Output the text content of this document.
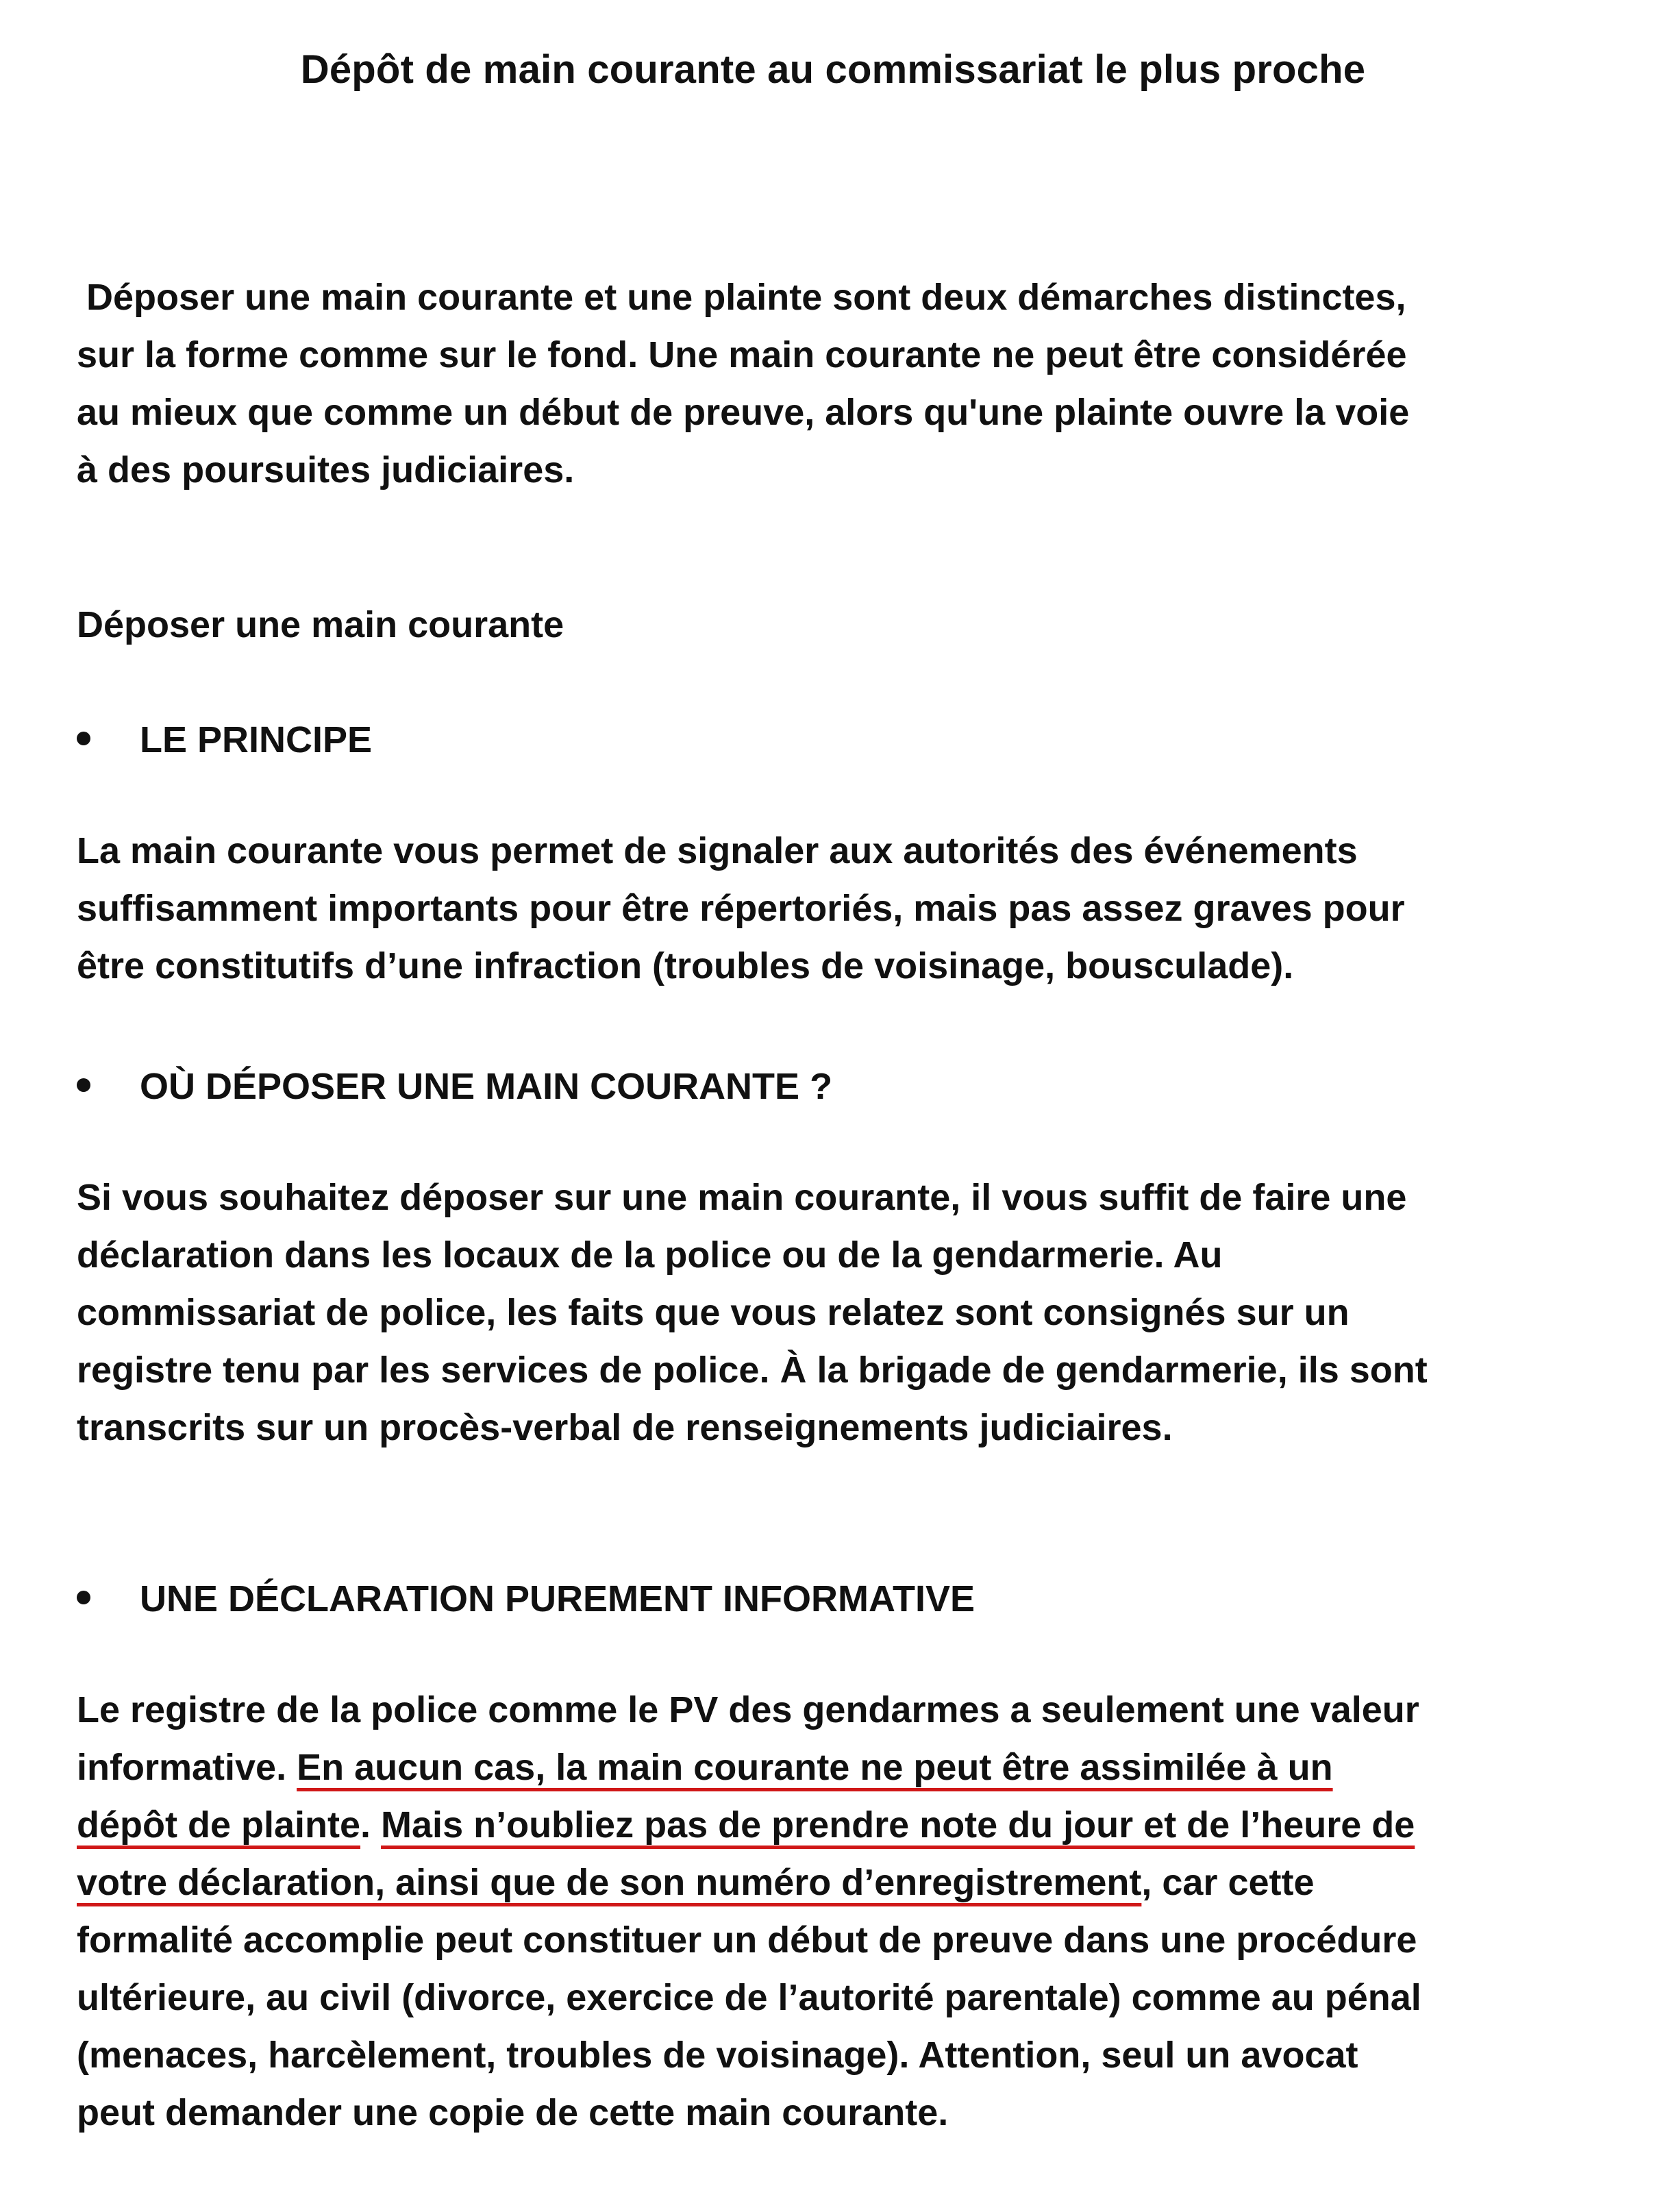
Dépôt de main courante au commissariat le plus proche
Déposer une main courante et une plainte sont deux démarches distinctes,
sur la forme comme sur le fond. Une main courante ne peut être considérée
au mieux que comme un début de preuve, alors qu'une plainte ouvre la voie
à des poursuites judiciaires.
Déposer une main courante
LE PRINCIPE
La main courante vous permet de signaler aux autorités des événements
suffisamment importants pour être répertoriés, mais pas assez graves pour
être constitutifs d’une infraction (troubles de voisinage, bousculade).
OÙ DÉPOSER UNE MAIN COURANTE ?
Si vous souhaitez déposer sur une main courante, il vous suffit de faire une
déclaration dans les locaux de la police ou de la gendarmerie. Au
commissariat de police, les faits que vous relatez sont consignés sur un
registre tenu par les services de police. À la brigade de gendarmerie, ils sont
transcrits sur un procès-verbal de renseignements judiciaires.
UNE DÉCLARATION PUREMENT INFORMATIVE
Le registre de la police comme le PV des gendarmes a seulement une valeur
informative. En aucun cas, la main courante ne peut être assimilée à un
dépôt de plainte. Mais n’oubliez pas de prendre note du jour et de l’heure de
votre déclaration, ainsi que de son numéro d’enregistrement, car cette
formalité accomplie peut constituer un début de preuve dans une procédure
ultérieure, au civil (divorce, exercice de l’autorité parentale) comme au pénal
(menaces, harcèlement, troubles de voisinage). Attention, seul un avocat
peut demander une copie de cette main courante.
